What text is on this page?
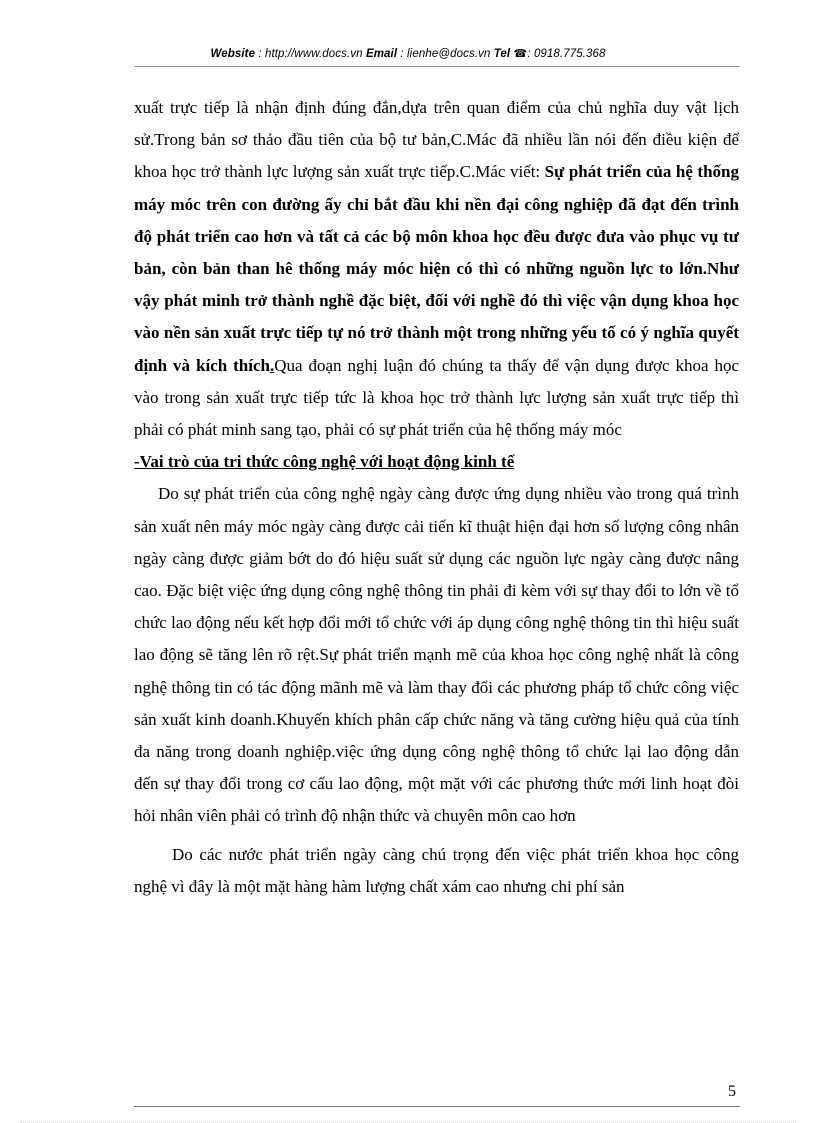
Website : http://www.docs.vn Email : lienhe@docs.vn Tel ☎: 0918.775.368

xuất trực tiếp là nhận định đúng đắn,dựa trên quan điểm của chủ nghĩa duy vật lịch sử.Trong bản sơ thảo đầu tiên của bộ tư bản,C.Mác đã nhiều lần nói đến điều kiện để khoa học trở thành lực lượng sản xuất trực tiếp.C.Mác viết: Sự phát triển của hệ thống máy móc trên con đường ấy chỉ bắt đầu khi nền đại công nghiệp đã đạt đến trình độ phát triển cao hơn và tất cả các bộ môn khoa học đều được đưa vào phục vụ tư bản, còn bản than hê thống máy móc hiện có thì có những nguồn lực to lớn.Như vậy phát minh trở thành nghề đặc biệt, đối với nghề đó thì việc vận dụng khoa học vào nền sản xuất trực tiếp tự nó trở thành một trong những yếu tố có ý nghĩa quyết định và kích thích.Qua đoạn nghị luận đó chúng ta thấy để vận dụng được khoa học vào trong sản xuất trực tiếp tức là khoa học trở thành lực lượng sản xuất trực tiếp thì phải có phát minh sang tạo, phải có sự phát triển của hệ thống máy móc

-Vai trò của tri thức công nghệ với hoạt động kinh tế

Do sự phát triển của công nghệ ngày càng được ứng dụng nhiều vào trong quá trình sản xuất nên máy móc ngày càng được cải tiến kĩ thuật hiện đại hơn số lượng công nhân ngày càng được giảm bớt do đó hiệu suất sử dụng các nguồn lực ngày càng được nâng cao. Đặc biệt việc ứng dụng công nghệ thông tin phải đi kèm với sự thay đổi to lớn về tổ chức lao động nếu kết hợp đổi mới tổ chức với áp dụng công nghệ thông tin thì hiệu suất lao động sẽ tăng lên rõ rệt.Sự phát triển mạnh mẽ của khoa học công nghệ nhất là công nghệ thông tin có tác động mãnh mẽ và làm thay đổi các phương pháp tổ chức công việc sản xuất kinh doanh.Khuyến khích phân cấp chức năng và tăng cường hiệu quả của tính đa năng trong doanh nghiệp.việc ứng dụng công nghệ thông tổ chức lại lao động dẫn đến sự thay đổi trong cơ cấu lao động, một mặt với các phương thức mới linh hoạt đòi hỏi nhân viên phải có trình độ nhận thức và chuyên môn cao hơn

Do các nước phát triển ngày càng chú trọng đến việc phát triển khoa học công nghệ vì đây là một mặt hàng hàm lượng chất xám cao nhưng chi phí sản

5
